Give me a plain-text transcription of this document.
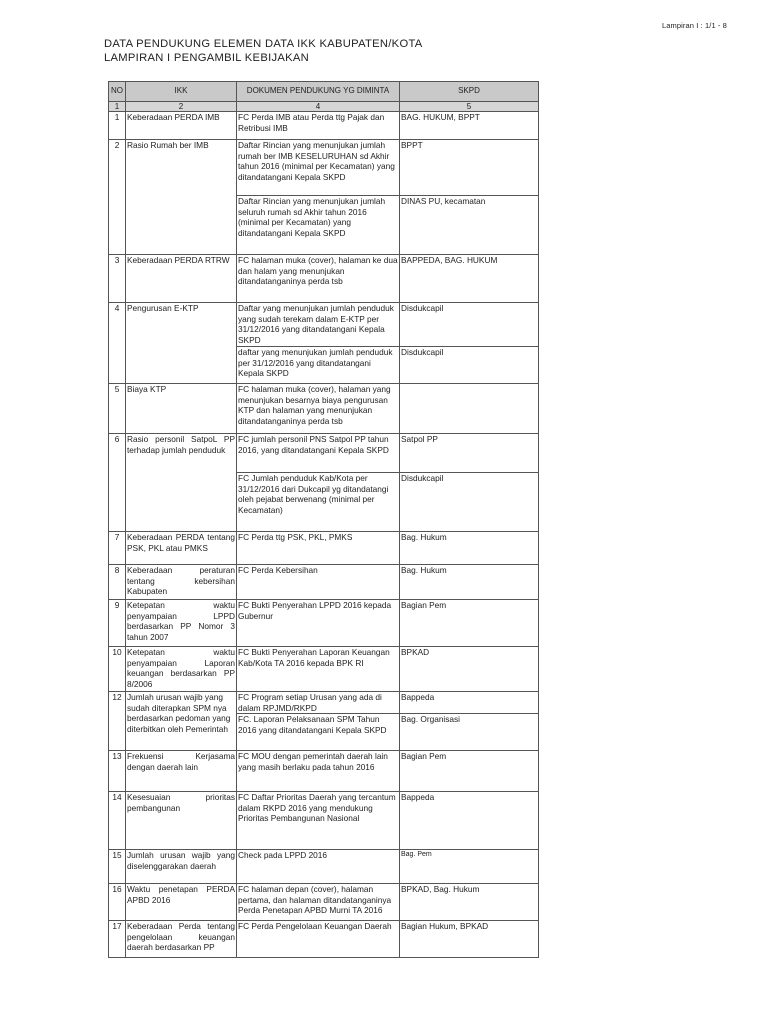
Lampiran I : 1/1 - 8
DATA PENDUKUNG ELEMEN DATA IKK KABUPATEN/KOTA
LAMPIRAN I PENGAMBIL KEBIJAKAN
NO	IKK	DOKUMEN PENDUKUNG YG DIMINTA	SKPD
1	2	4	5
1	Keberadaan PERDA IMB	FC Perda IMB atau Perda ttg Pajak dan Retribusi IMB	BAG. HUKUM, BPPT
2	Rasio Rumah ber IMB	Daftar Rincian yang menunjukan jumlah rumah ber IMB KESELURUHAN sd Akhir tahun 2016 (minimal per Kecamatan) yang ditandatangani Kepala SKPD	BPPT
		Daftar Rincian yang menunjukan jumlah seluruh rumah sd Akhir tahun 2016 (minimal per Kecamatan) yang ditandatangani Kepala SKPD	DINAS PU, kecamatan
3	Keberadaan PERDA RTRW	FC halaman muka (cover), halaman ke dua dan halam yang menunjukan ditandatanganinya perda tsb	BAPPEDA, BAG. HUKUM
4	Pengurusan E-KTP	Daftar yang menunjukan jumlah penduduk yang sudah terekam dalam E-KTP per 31/12/2016 yang ditandatangani Kepala SKPD	Disdukcapil
		daftar yang menunjukan jumlah penduduk per 31/12/2016 yang ditandatangani Kepala SKPD	Disdukcapil
5	Biaya KTP	FC halaman muka (cover), halaman yang menunjukan besarnya biaya pengurusan KTP dan halaman yang menunjukan ditandatanganinya perda tsb	
6	Rasio personil SatpoL PP terhadap jumlah penduduk	FC jumlah personil PNS Satpol PP tahun 2016, yang ditandatangani Kepala SKPD	Satpol PP
		FC Jumlah penduduk Kab/Kota per 31/12/2016 dari Dukcapil yg ditandatangi oleh pejabat berwenang (minimal per Kecamatan)	Disdukcapil
7	Keberadaan PERDA tentang PSK, PKL atau PMKS	FC Perda ttg PSK, PKL, PMKS	Bag. Hukum
8	Keberadaan peraturan tentang kebersihan Kabupaten	FC Perda Kebersihan	Bag. Hukum
9	Ketepatan waktu penyampaian LPPD berdasarkan PP Nomor 3 tahun 2007	FC Bukti Penyerahan LPPD 2016 kepada Gubernur	Bagian Pem
10	Ketepatan waktu penyampaian Laporan keuangan berdasarkan PP 8/2006	FC Bukti Penyerahan Laporan Keuangan Kab/Kota TA 2016 kepada BPK RI	BPKAD
12	Jumlah urusan wajib yang sudah diterapkan SPM nya berdasarkan pedoman yang diterbitkan oleh Pemerintah	FC Program setiap Urusan yang ada di dalam RPJMD/RKPD	Bappeda
		FC. Laporan Pelaksanaan SPM Tahun 2016 yang ditandatangani Kepala SKPD	Bag. Organisasi
13	Frekuensi Kerjasama dengan daerah lain	FC MOU dengan pemerintah daerah lain yang masih berlaku pada tahun 2016	Bagian Pem
14	Kesesuaian prioritas pembangunan	FC Daftar Prioritas Daerah yang tercantum dalam RKPD 2016 yang mendukung Prioritas Pembangunan Nasional	Bappeda
15	Jumlah urusan wajib yang diselenggarakan daerah	Check pada LPPD 2016	Bag. Pem
16	Waktu penetapan PERDA APBD 2016	FC halaman depan (cover), halaman pertama, dan halaman ditandatanganinya Perda Penetapan APBD Murni TA 2016	BPKAD, Bag. Hukum
17	Keberadaan Perda tentang pengelolaan keuangan daerah berdasarkan PP	FC Perda Pengelolaan Keuangan Daerah	Bagian Hukum, BPKAD
